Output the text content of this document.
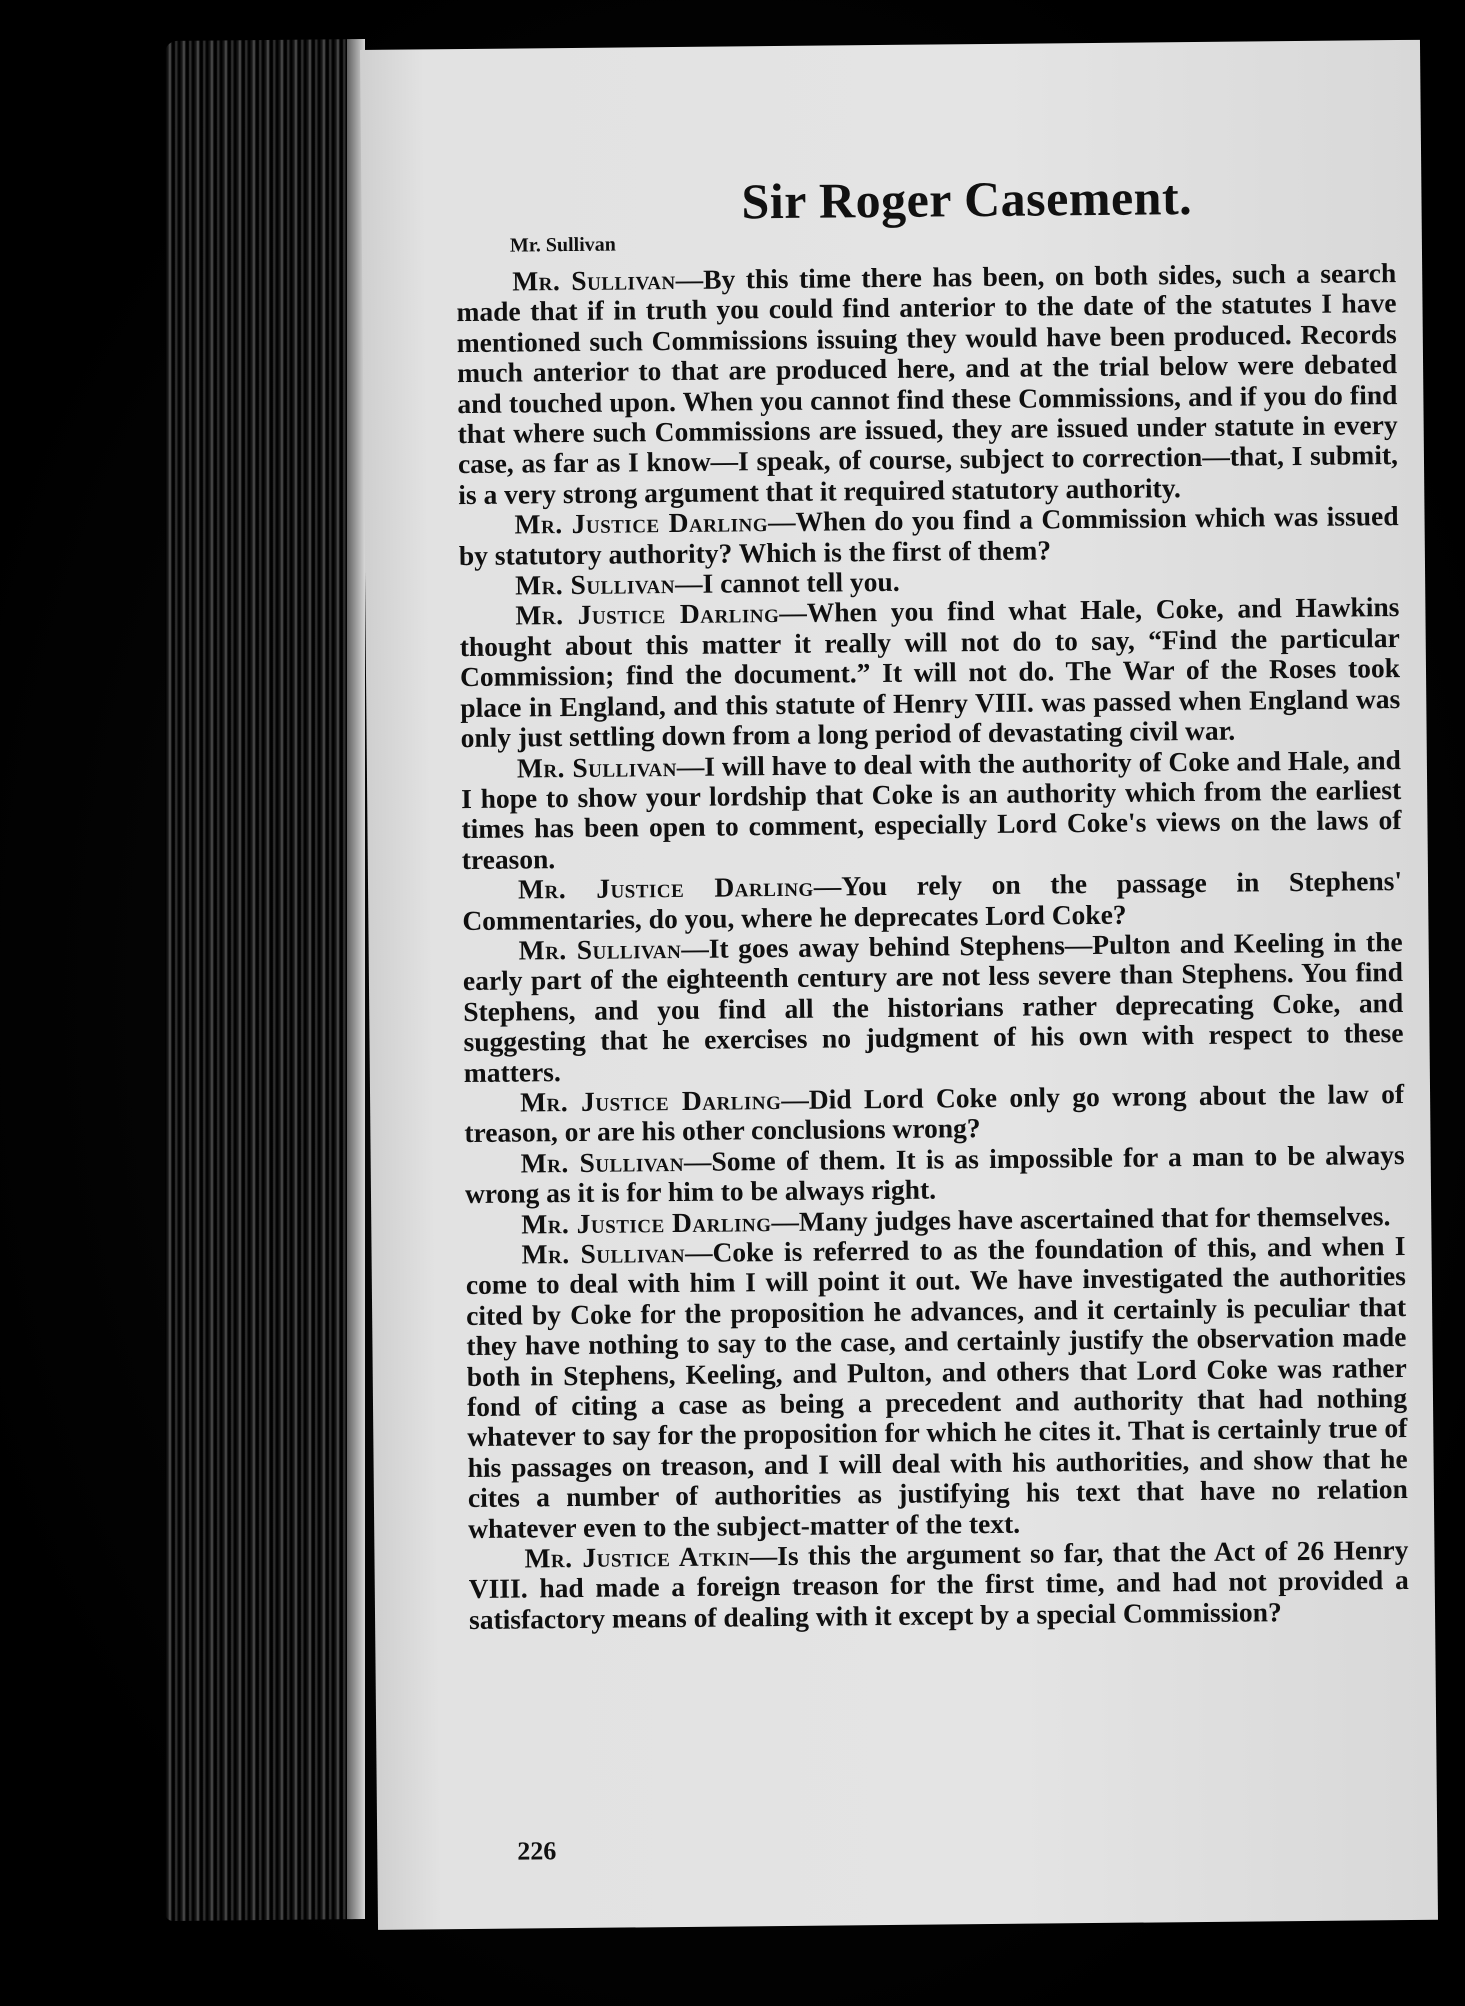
Sir Roger Casement.

Mr. Sullivan

Mr. Sullivan—By this time there has been, on both sides, such a search made that if in truth you could find anterior to the date of the statutes I have mentioned such Commissions issuing they would have been produced. Records much anterior to that are produced here, and at the trial below were debated and touched upon. When you cannot find these Commissions, and if you do find that where such Commissions are issued, they are issued under statute in every case, as far as I know—I speak, of course, subject to correction—that, I submit, is a very strong argument that it required statutory authority.

Mr. Justice Darling—When do you find a Commission which was issued by statutory authority? Which is the first of them?

Mr. Sullivan—I cannot tell you.

Mr. Justice Darling—When you find what Hale, Coke, and Hawkins thought about this matter it really will not do to say, “Find the particular Commission; find the document.” It will not do. The War of the Roses took place in England, and this statute of Henry VIII. was passed when England was only just settling down from a long period of devastating civil war.

Mr. Sullivan—I will have to deal with the authority of Coke and Hale, and I hope to show your lordship that Coke is an authority which from the earliest times has been open to comment, especially Lord Coke's views on the laws of treason.

Mr. Justice Darling—You rely on the passage in Stephens' Commentaries, do you, where he deprecates Lord Coke?

Mr. Sullivan—It goes away behind Stephens—Pulton and Keeling in the early part of the eighteenth century are not less severe than Stephens. You find Stephens, and you find all the historians rather deprecating Coke, and suggesting that he exercises no judgment of his own with respect to these matters.

Mr. Justice Darling—Did Lord Coke only go wrong about the law of treason, or are his other conclusions wrong?

Mr. Sullivan—Some of them. It is as impossible for a man to be always wrong as it is for him to be always right.

Mr. Justice Darling—Many judges have ascertained that for themselves.

Mr. Sullivan—Coke is referred to as the foundation of this, and when I come to deal with him I will point it out. We have investigated the authorities cited by Coke for the proposition he advances, and it certainly is peculiar that they have nothing to say to the case, and certainly justify the observation made both in Stephens, Keeling, and Pulton, and others that Lord Coke was rather fond of citing a case as being a precedent and authority that had nothing whatever to say for the proposition for which he cites it. That is certainly true of his passages on treason, and I will deal with his authorities, and show that he cites a number of authorities as justifying his text that have no relation whatever even to the subject-matter of the text.

Mr. Justice Atkin—Is this the argument so far, that the Act of 26 Henry VIII. had made a foreign treason for the first time, and had not provided a satisfactory means of dealing with it except by a special Commission?

226
